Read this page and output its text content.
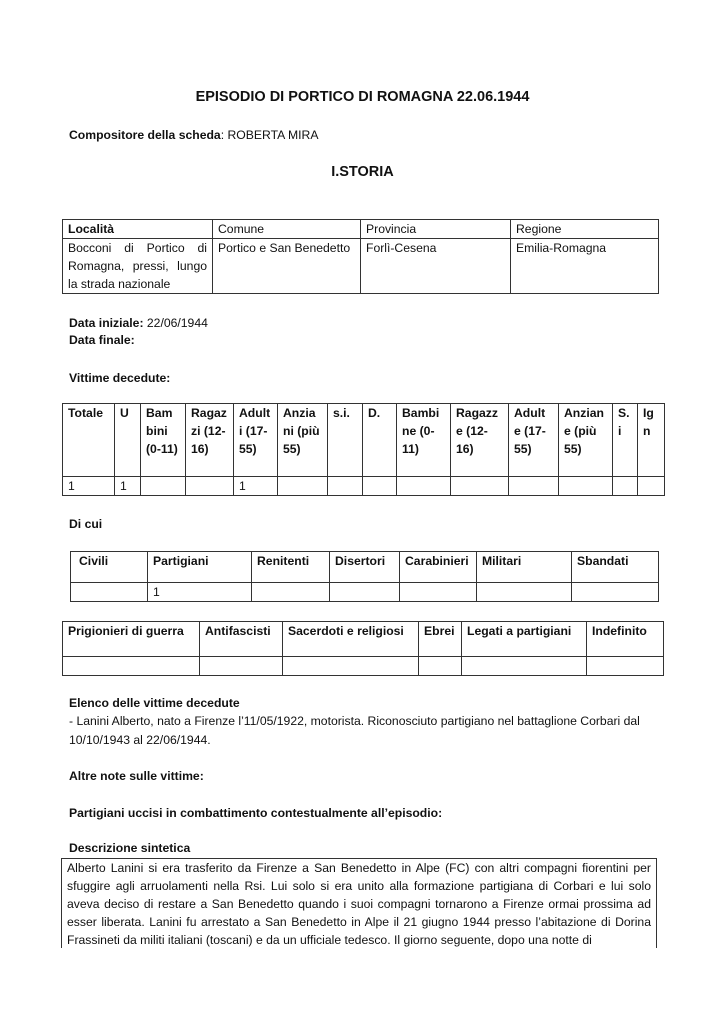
EPISODIO DI PORTICO DI ROMAGNA 22.06.1944
Compositore della scheda: ROBERTA MIRA
I.STORIA
Località	Comune	Provincia	Regione
Bocconi di Portico di Romagna, pressi, lungo la strada nazionale	Portico e San Benedetto	Forlì-Cesena	Emilia-Romagna
Data iniziale: 22/06/1944
Data finale:
Vittime decedute:
Totale	U	Bam bini (0-11)	Ragaz zi (12-16)	Adult i (17-55)	Anzia ni (più 55)	s.i.	D.	Bambi ne (0-11)	Ragazze (12-16)	Adult e (17-55)	Anzian e (più 55)	S. i	Ig n
1	1			1									
Di cui
Civili	Partigiani	Renitenti	Disertori	Carabinieri	Militari	Sbandati
	1					
Prigionieri di guerra	Antifascisti	Sacerdoti e religiosi	Ebrei	Legati a partigiani	Indefinito

Elenco delle vittime decedute
- Lanini Alberto, nato a Firenze l’11/05/1922, motorista. Riconosciuto partigiano nel battaglione Corbari dal
10/10/1943 al 22/06/1944.
Altre note sulle vittime:
Partigiani uccisi in combattimento contestualmente all’episodio:
Descrizione sintetica

Alberto Lanini si era trasferito da Firenze a San Benedetto in Alpe (FC) con altri compagni fiorentini per sfuggire agli arruolamenti nella Rsi. Lui solo si era unito alla formazione partigiana di Corbari e lui solo aveva deciso di restare a San Benedetto quando i suoi compagni tornarono a Firenze ormai prossima ad esser liberata. Lanini fu arrestato a San Benedetto in Alpe il 21 giugno 1944 presso l’abitazione di Dorina Frassineti da militi italiani (toscani) e da un ufficiale tedesco. Il giorno seguente, dopo una notte di
